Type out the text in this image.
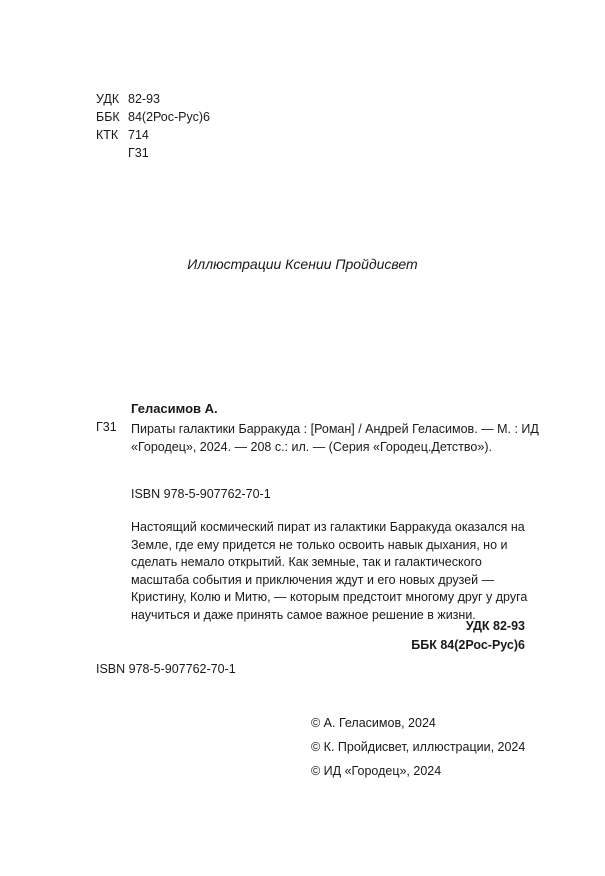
УДК 82-93
ББК 84(2Рос-Рус)6
КТК 714
Г31
Иллюстрации Ксении Пройдисвет
Геласимов А.
Г31 Пираты галактики Барракуда : [Роман] / Андрей Геласимов. — М. : ИД «Городец», 2024. — 208 с.: ил. — (Серия «Городец.Детство»).
ISBN 978-5-907762-70-1

Настоящий космический пират из галактики Барракуда оказался на Земле, где ему придется не только освоить навык дыхания, но и сделать немало открытий. Как земные, так и галактического масштаба события и приключения ждут и его новых друзей — Кристину, Колю и Митю, — которым предстоит многому друг у друга научиться и даже принять самое важное решение в жизни.

УДК 82-93
ББК 84(2Рос-Рус)6
ISBN 978-5-907762-70-1
© А. Геласимов, 2024
© К. Пройдисвет, иллюстрации, 2024
© ИД «Городец», 2024
